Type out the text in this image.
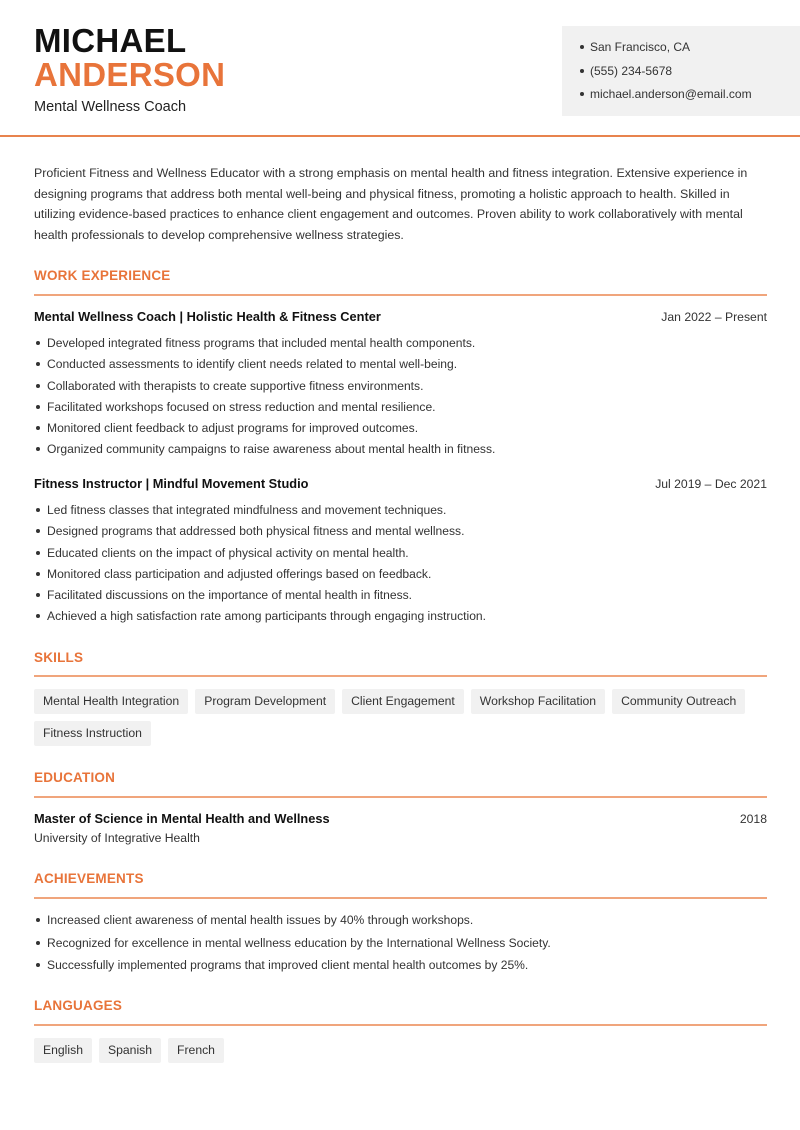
MICHAEL
ANDERSON
Mental Wellness Coach
San Francisco, CA
(555) 234-5678
michael.anderson@email.com

Proficient Fitness and Wellness Educator with a strong emphasis on mental health and fitness integration. Extensive experience in designing programs that address both mental well-being and physical fitness, promoting a holistic approach to health. Skilled in utilizing evidence-based practices to enhance client engagement and outcomes. Proven ability to work collaboratively with mental health professionals to develop comprehensive wellness strategies.

WORK EXPERIENCE
Mental Wellness Coach | Holistic Health & Fitness Center	Jan 2022 – Present
Developed integrated fitness programs that included mental health components.
Conducted assessments to identify client needs related to mental well-being.
Collaborated with therapists to create supportive fitness environments.
Facilitated workshops focused on stress reduction and mental resilience.
Monitored client feedback to adjust programs for improved outcomes.
Organized community campaigns to raise awareness about mental health in fitness.
Fitness Instructor | Mindful Movement Studio	Jul 2019 – Dec 2021
Led fitness classes that integrated mindfulness and movement techniques.
Designed programs that addressed both physical fitness and mental wellness.
Educated clients on the impact of physical activity on mental health.
Monitored class participation and adjusted offerings based on feedback.
Facilitated discussions on the importance of mental health in fitness.
Achieved a high satisfaction rate among participants through engaging instruction.
SKILLS
Mental Health Integration Program Development Client Engagement Workshop Facilitation Community OutreachFitness Instruction
EDUCATION
Master of Science in Mental Health and Wellness	2018
University of Integrative Health
ACHIEVEMENTS
Increased client awareness of mental health issues by 40% through workshops.
Recognized for excellence in mental wellness education by the International Wellness Society.
Successfully implemented programs that improved client mental health outcomes by 25%.
LANGUAGES
English Spanish French
